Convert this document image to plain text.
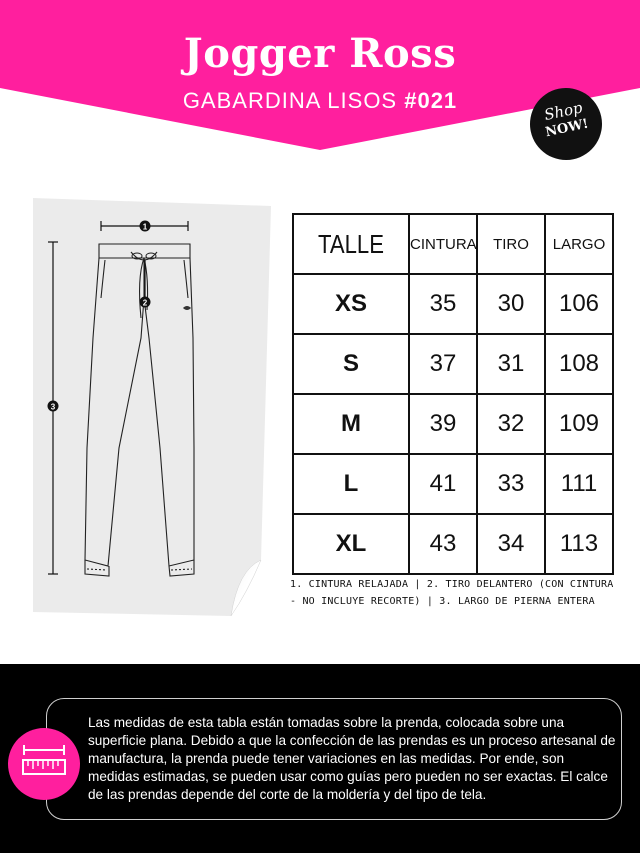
Jogger Ross
GABARDINA LISOS #021	Shop
NOW!
1
2
3
TALLE	CINTURA	TIRO	LARGO
XS	35	30	106
S	37	31	108
M	39	32	109
L	41	33	111
XL	43	34	113
1. CINTURA RELAJADA | 2. TIRO DELANTERO (CON CINTURA
- NO INCLUYE RECORTE) | 3. LARGO DE PIERNA ENTERA
Las medidas de esta tabla están tomadas sobre la prenda, colocada sobre una superficie plana. Debido a que la confección de las prendas es un proceso artesanal de manufactura, la prenda puede tener variaciones en las medidas. Por ende, son medidas estimadas, se pueden usar como guías pero pueden no ser exactas. El calce de las prendas depende del corte de la moldería y del tipo de tela.
